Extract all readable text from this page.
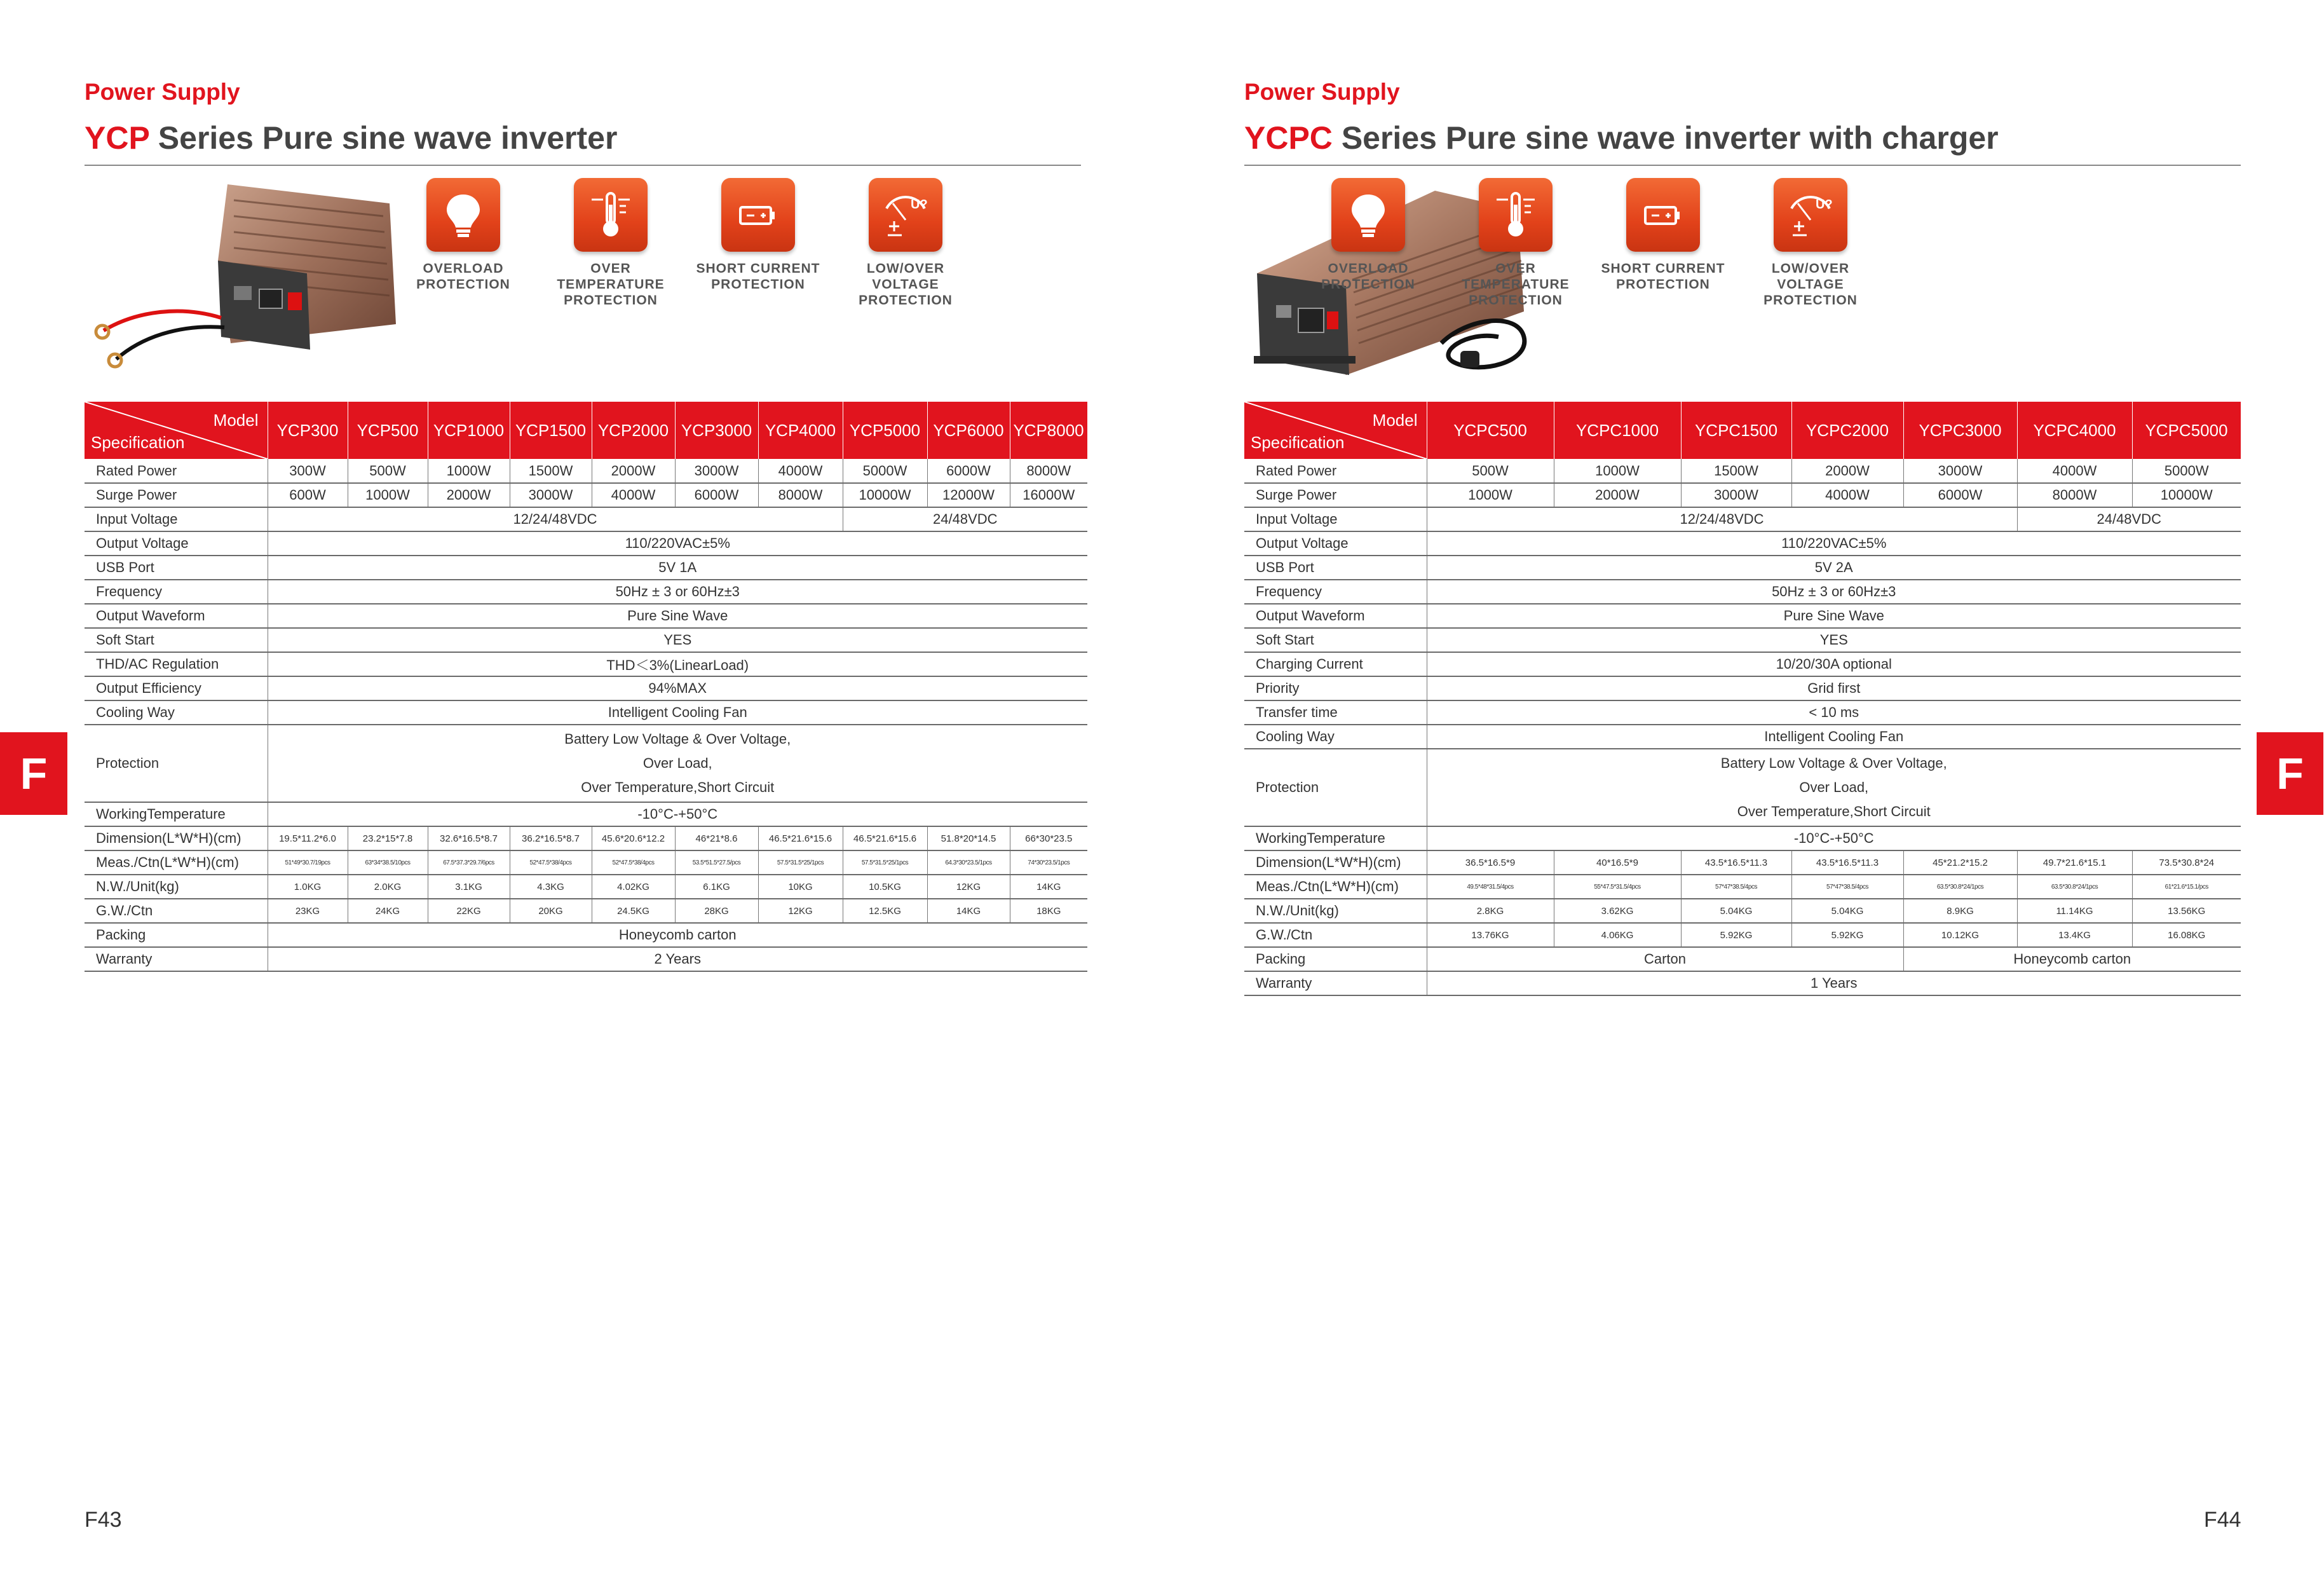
Power Supply
YCP Series Pure sine wave inverter
OVERLOAD
PROTECTION
OVER TEMPERATURE
PROTECTION
SHORT CURRENT
PROTECTION
U?
LOW/OVER VOLTAGE
PROTECTION
Model
Specification	YCP300	YCP500	YCP1000	YCP1500	YCP2000	YCP3000	YCP4000	YCP5000	YCP6000	YCP8000
Rated Power	300W	500W	1000W	1500W	2000W	3000W	4000W	5000W	6000W	8000W
Surge Power	600W	1000W	2000W	3000W	4000W	6000W	8000W	10000W	12000W	16000W
Input Voltage	12/24/48VDC							24/48VDC		
Output Voltage	110/220VAC±5%									
USB Port	5V 1A									
Frequency	50Hz ± 3 or 60Hz±3									
Output Waveform	Pure Sine Wave									
Soft Start	YES									
THD/AC Regulation	THD＜3%(LinearLoad)									
Output Efficiency	94%MAX									
Cooling Way	Intelligent Cooling Fan									
Protection	Battery Low Voltage & Over Voltage,
Over Load,
Over Temperature,Short Circuit									

WorkingTemperature	-10°C-+50°C									
Dimension(L*W*H)(cm)	19.5*11.2*6.0	23.2*15*7.8	32.6*16.5*8.7	36.2*16.5*8.7	45.6*20.6*12.2	46*21*8.6	46.5*21.6*15.6	46.5*21.6*15.6	51.8*20*14.5	66*30*23.5
Meas./Ctn(L*W*H)(cm)	51*49*30.7/19pcs	63*34*38.5/10pcs	67.5*37.3*29.7/6pcs	52*47.5*38/4pcs	52*47.5*38/4pcs	53.5*51.5*27.5/pcs	57.5*31.5*25/1pcs	57.5*31.5*25/1pcs	64.3*30*23.5/1pcs	74*30*23.5/1pcs
N.W./Unit(kg)	1.0KG	2.0KG	3.1KG	4.3KG	4.02KG	6.1KG	10KG	10.5KG	12KG	14KG
G.W./Ctn	23KG	24KG	22KG	20KG	24.5KG	28KG	12KG	12.5KG	14KG	18KG
Packing	Honeycomb carton									
Warranty	2 Years									
F
F43
Power Supply
YCPC Series Pure sine wave inverter with charger
OVERLOAD
PROTECTION
OVER TEMPERATURE
PROTECTION
SHORT CURRENT
PROTECTION
U?
LOW/OVER VOLTAGE
PROTECTION
Model
Specification	YCPC500	YCPC1000	YCPC1500	YCPC2000	YCPC3000	YCPC4000	YCPC5000
Rated Power	500W	1000W	1500W	2000W	3000W	4000W	5000W
Surge Power	1000W	2000W	3000W	4000W	6000W	8000W	10000W
Input Voltage	12/24/48VDC					24/48VDC	
Output Voltage	110/220VAC±5%						
USB Port	5V 2A						
Frequency	50Hz ± 3 or 60Hz±3						
Output Waveform	Pure Sine Wave						
Soft Start	YES						
Charging Current	10/20/30A optional						
Priority	Grid first						
Transfer time	< 10 ms						
Cooling Way	Intelligent Cooling Fan						
Protection	Battery Low Voltage & Over Voltage,
Over Load,
Over Temperature,Short Circuit						

WorkingTemperature	-10°C-+50°C						
Dimension(L*W*H)(cm)	36.5*16.5*9	40*16.5*9	43.5*16.5*11.3	43.5*16.5*11.3	45*21.2*15.2	49.7*21.6*15.1	73.5*30.8*24
Meas./Ctn(L*W*H)(cm)	49.5*48*31.5/4pcs	55*47.5*31.5/4pcs	57*47*38.5/4pcs	57*47*38.5/4pcs	63.5*30.8*24/1pcs	63.5*30.8*24/1pcs	61*21.6*15.1/pcs
N.W./Unit(kg)	2.8KG	3.62KG	5.04KG	5.04KG	8.9KG	11.14KG	13.56KG
G.W./Ctn	13.76KG	4.06KG	5.92KG	5.92KG	10.12KG	13.4KG	16.08KG
Packing	Carton				Honeycomb carton		
Warranty	1 Years						
F
F44
